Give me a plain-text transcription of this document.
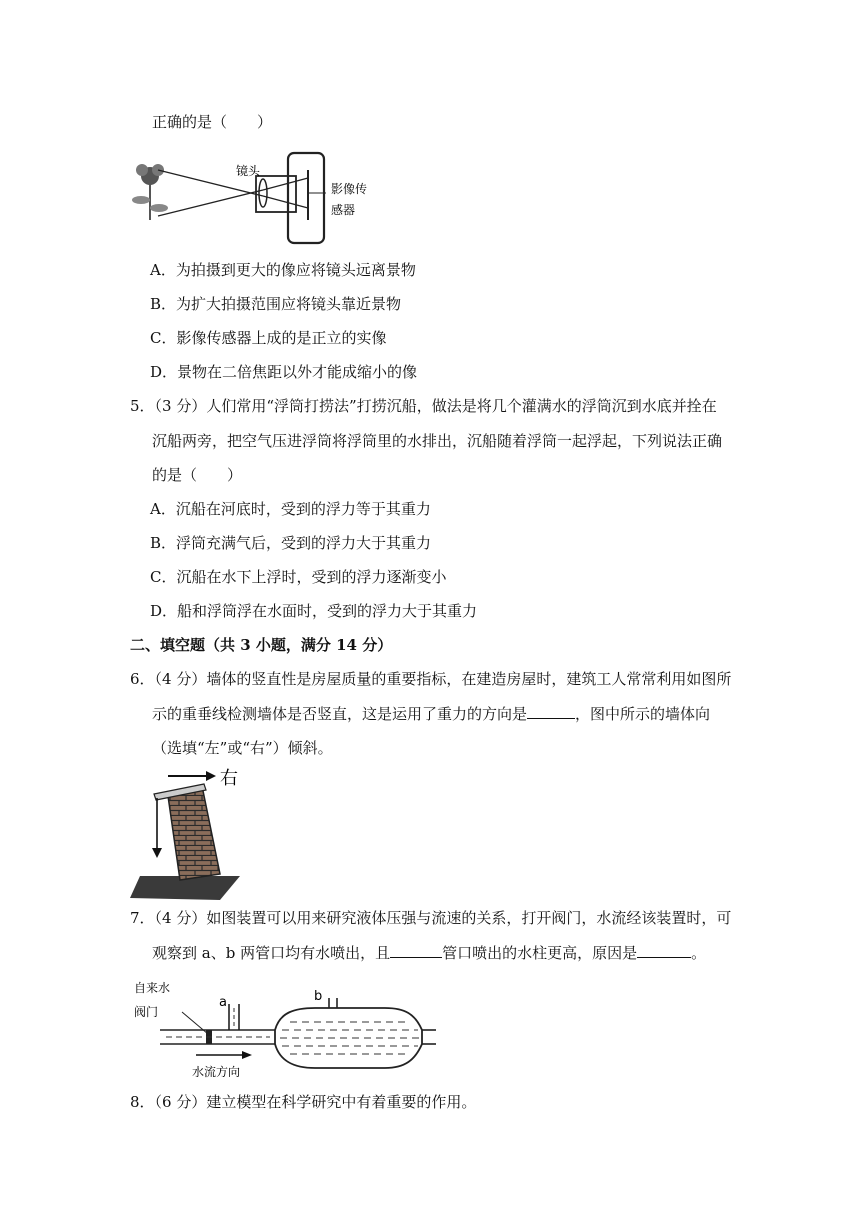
正确的是（　　）
镜头
影像传
感器
A．为拍摄到更大的像应将镜头远离景物
B．为扩大拍摄范围应将镜头靠近景物
C．影像传感器上成的是正立的实像
D．景物在二倍焦距以外才能成缩小的像
5．（3 分）人们常用“浮筒打捞法”打捞沉船，做法是将几个灌满水的浮筒沉到水底并拴在
沉船两旁，把空气压进浮筒将浮筒里的水排出，沉船随着浮筒一起浮起，下列说法正确
的是（　　）
A．沉船在河底时，受到的浮力等于其重力
B．浮筒充满气后，受到的浮力大于其重力
C．沉船在水下上浮时，受到的浮力逐渐变小
D．船和浮筒浮在水面时，受到的浮力大于其重力
二、填空题（共 3 小题，满分 14 分）
6．（4 分）墙体的竖直性是房屋质量的重要指标，在建造房屋时，建筑工人常常利用如图所
示的重垂线检测墙体是否竖直，这是运用了重力的方向是	，图中所示的墙体向
（选填“左”或“右”）倾斜。
右
7．（4 分）如图装置可以用来研究液体压强与流速的关系，打开阀门，水流经该装置时，可
观察到 a、b 两管口均有水喷出，且	管口喷出的水柱更高，原因是	。
自来水
阀门
a	b
水流方向
8．（6 分）建立模型在科学研究中有着重要的作用。
